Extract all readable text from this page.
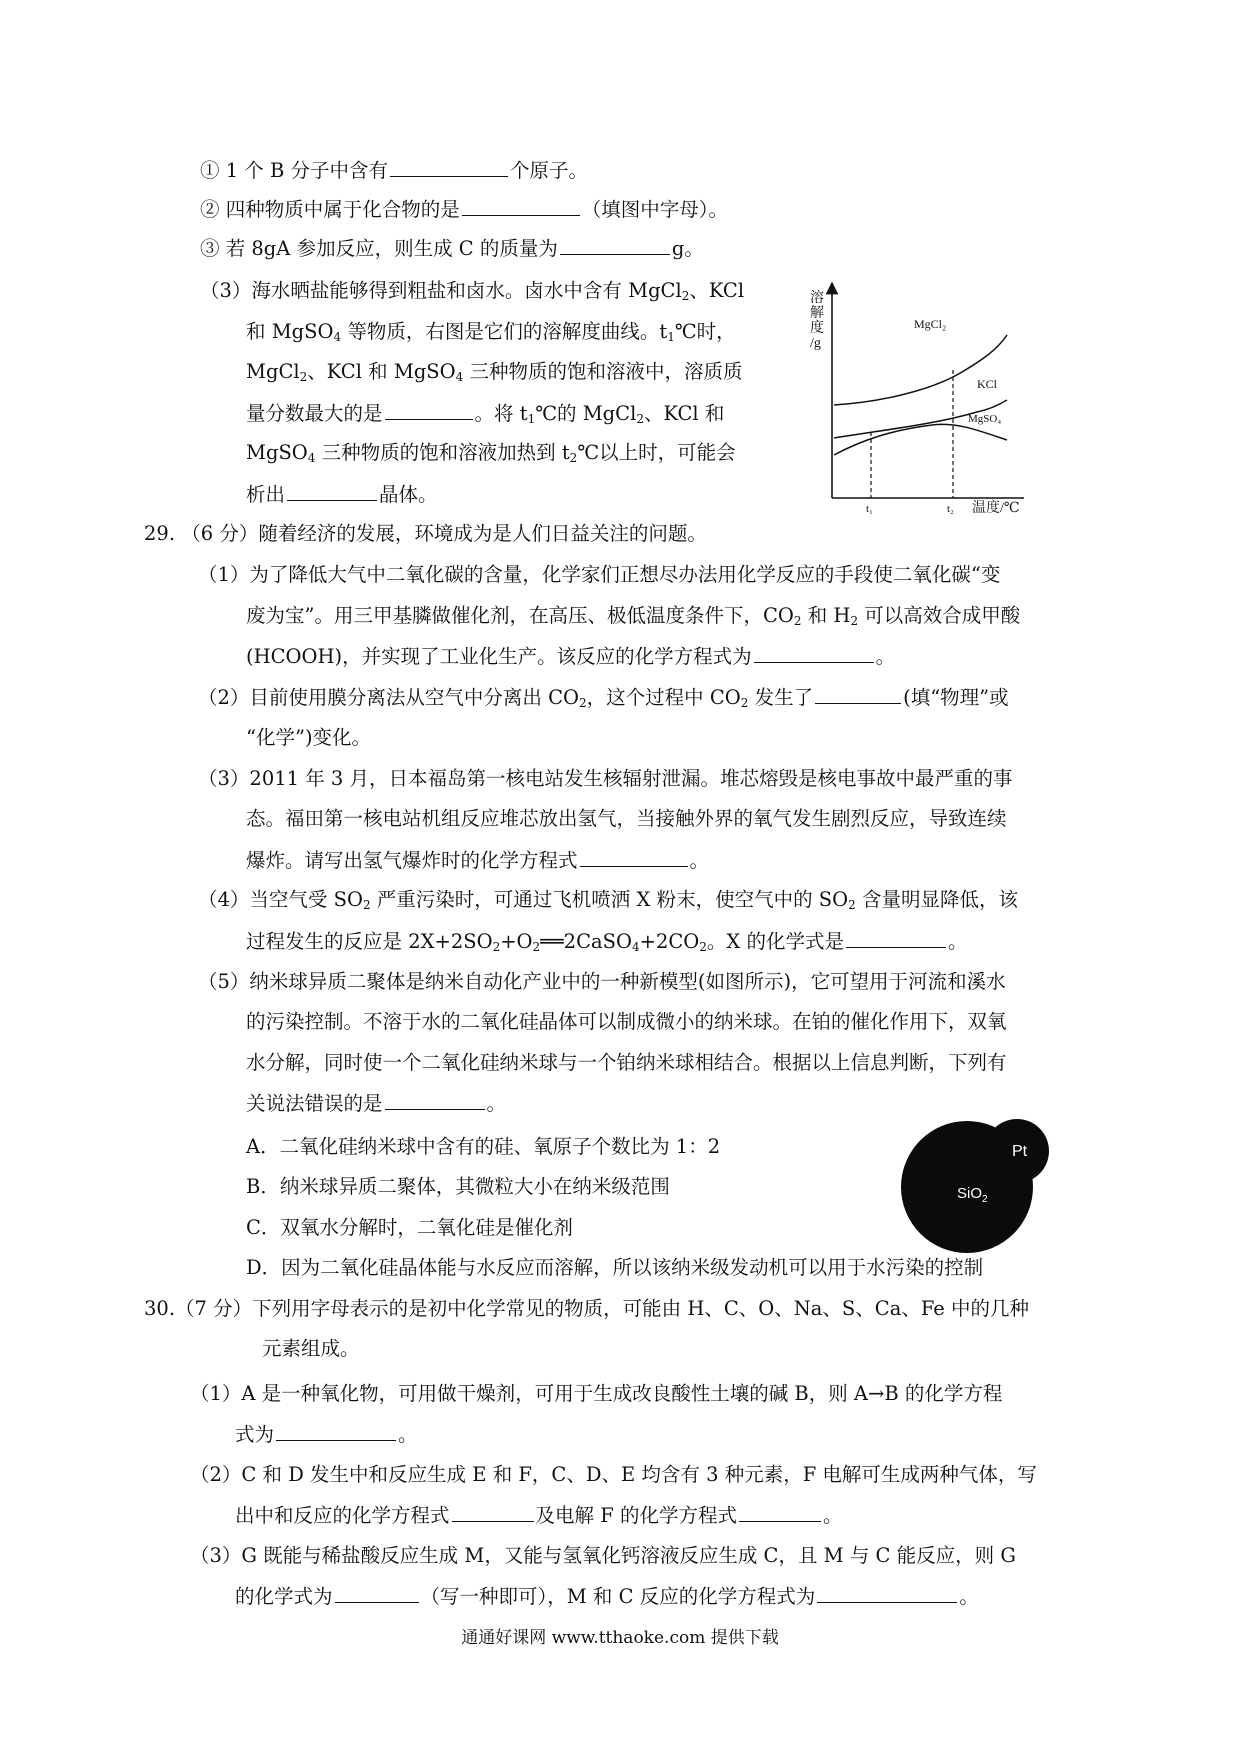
① 1 个 B 分子中含有	个原子。
② 四种物质中属于化合物的是	（填图中字母）。
③ 若 8gA 参加反应，则生成 C 的质量为	g。
（3）海水晒盐能够得到粗盐和卤水。卤水中含有 MgCl$_2$、KCl
和 MgSO$_4$ 等物质，右图是它们的溶解度曲线。$t_1℃$时，
MgCl$_2$、KCl 和 MgSO$_4$ 三种物质的饱和溶液中，溶质质
量分数最大的是	。将 $t_1℃$的 MgCl$_2$、KCl 和
MgSO$_4$ 三种物质的饱和溶液加热到 $t_2℃$以上时，可能会
析出	晶体。
溶解度/g
MgCl₂
KCl
MgSO₄
t₁	t₂ 温度/℃
29. （6 分）随着经济的发展，环境成为是人们日益关注的问题。
（1）为了降低大气中二氧化碳的含量，化学家们正想尽办法用化学反应的手段使二氧化碳“变
废为宝”。用三甲基膦做催化剂，在高压、极低温度条件下，$CO_2$ 和 $H_2$ 可以高效合成甲酸
(HCOOH)，并实现了工业化生产。该反应的化学方程式为	。
（2）目前使用膜分离法从空气中分离出 $CO_2$，这个过程中 $CO_2$ 发生了	(填“物理”或
“化学”)变化。
（3）2011 年 3 月，日本福岛第一核电站发生核辐射泄漏。堆芯熔毁是核电事故中最严重的事
态。福田第一核电站机组反应堆芯放出氢气，当接触外界的氧气发生剧烈反应，导致连续
爆炸。请写出氢气爆炸时的化学方程式	。
（4）当空气受 $SO_2$ 严重污染时，可通过飞机喷洒 X 粉末，使空气中的 $SO_2$ 含量明显降低，该
过程发生的反应是 $2X+2SO_2+O_2══2CaSO_4+2CO_2$。X 的化学式是	。
（5）纳米球异质二聚体是纳米自动化产业中的一种新模型(如图所示)，它可望用于河流和溪水
的污染控制。不溶于水的二氧化硅晶体可以制成微小的纳米球。在铂的催化作用下，双氧
水分解，同时使一个二氧化硅纳米球与一个铂纳米球相结合。根据以上信息判断，下列有
关说法错误的是	。
A．二氧化硅纳米球中含有的硅、氧原子个数比为 1：2
B．纳米球异质二聚体，其微粒大小在纳米级范围
C．双氧水分解时，二氧化硅是催化剂
D．因为二氧化硅晶体能与水反应而溶解，所以该纳米级发动机可以用于水污染的控制
SiO$_2$
Pt
30.（7 分）下列用字母表示的是初中化学常见的物质，可能由 H、C、O、Na、S、Ca、Fe 中的几种
元素组成。
（1）A 是一种氧化物，可用做干燥剂，可用于生成改良酸性土壤的碱 B，则 A→B 的化学方程
式为	。
（2）C 和 D 发生中和反应生成 E 和 F，C、D、E 均含有 3 种元素，F 电解可生成两种气体，写
出中和反应的化学方程式	及电解 F 的化学方程式	。
（3）G 既能与稀盐酸反应生成 M，又能与氢氧化钙溶液反应生成 C，且 M 与 C 能反应，则 G
的化学式为	（写一种即可），M 和 C 反应的化学方程式为	。
通通好课网 www.tthaoke.com 提供下载
